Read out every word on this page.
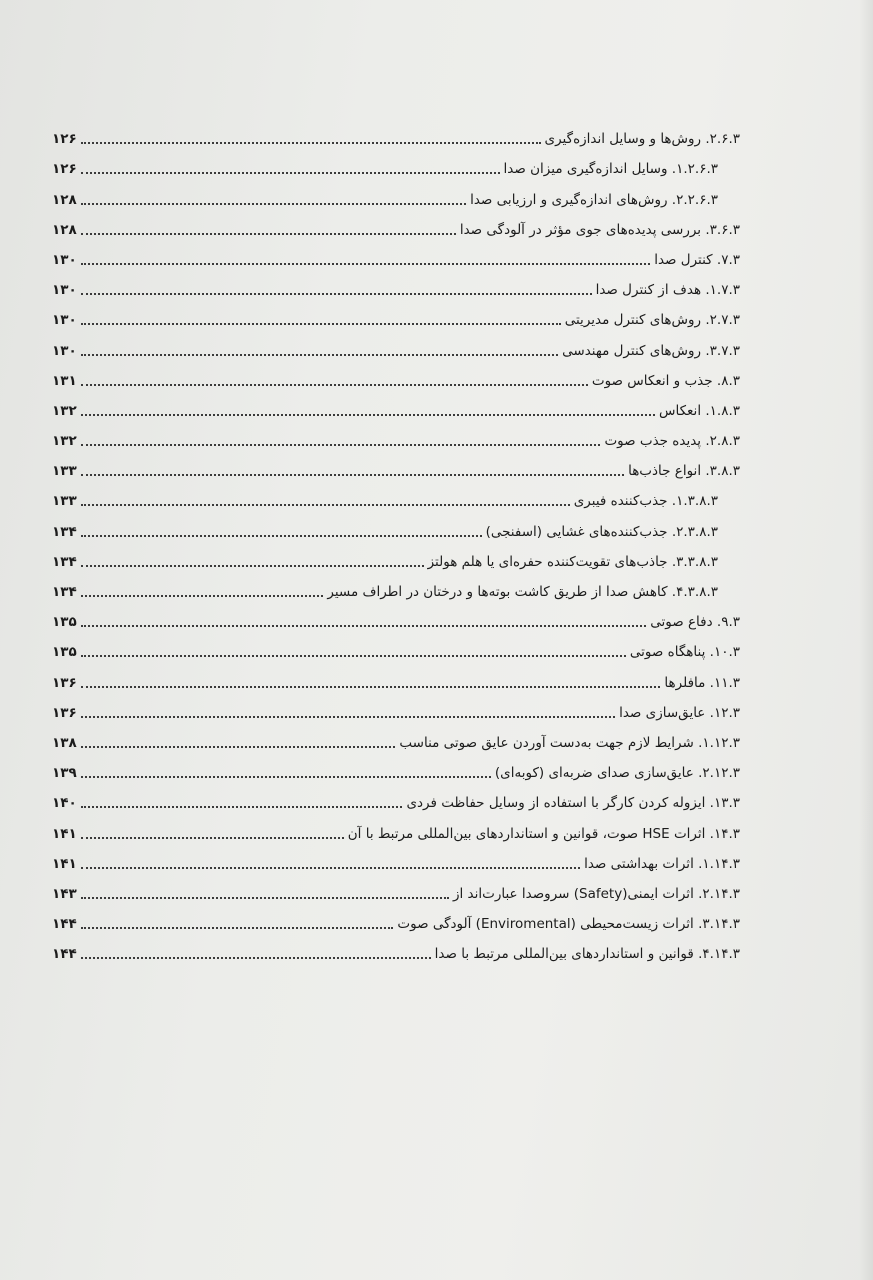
۲.۶.۳. روش‌ها و وسایل اندازه‌گیری
۱۲۶
۱.۲.۶.۳. وسایل اندازه‌گیری میزان صدا
۱۲۶
۲.۲.۶.۳. روش‌های اندازه‌گیری و ارزیابی صدا
۱۲۸
۳.۶.۳. بررسی پدیده‌های جوی مؤثر در آلودگی صدا
۱۲۸
۷.۳. کنترل صدا
۱۳۰
۱.۷.۳. هدف از کنترل صدا
۱۳۰
۲.۷.۳. روش‌های کنترل مدیریتی
۱۳۰
۳.۷.۳. روش‌های کنترل مهندسی
۱۳۰
۸.۳. جذب و انعکاس صوت
۱۳۱
۱.۸.۳. انعکاس
۱۳۲
۲.۸.۳. پدیده جذب صوت
۱۳۲
۳.۸.۳. انواع جاذب‌ها
۱۳۳
۱.۳.۸.۳. جذب‌کننده فیبری
۱۳۳
۲.۳.۸.۳. جذب‌کننده‌های غشایی (اسفنجی)
۱۳۴
۳.۳.۸.۳. جاذب‌های تقویت‌کننده حفره‌ای یا هلم هولتز
۱۳۴
۴.۳.۸.۳. کاهش صدا از طریق کاشت بوته‌ها و درختان در اطراف مسیر
۱۳۴
۹.۳. دفاع صوتی
۱۳۵
۱۰.۳. پناهگاه صوتی
۱۳۵
۱۱.۳. مافلرها
۱۳۶
۱۲.۳. عایق‌سازی صدا
۱۳۶
۱.۱۲.۳. شرایط لازم جهت به‌دست آوردن عایق صوتی مناسب
۱۳۸
۲.۱۲.۳. عایق‌سازی صدای ضربه‌ای (کوبه‌ای)
۱۳۹
۱۳.۳. ایزوله کردن کارگر با استفاده از وسایل حفاظت فردی
۱۴۰
۱۴.۳. اثرات HSE صوت، قوانین و استانداردهای بین‌المللی مرتبط با آن
۱۴۱
۱.۱۴.۳. اثرات بهداشتی صدا
۱۴۱
۲.۱۴.۳. اثرات ایمنی(Safety) سروصدا عبارت‌اند از
۱۴۳
۳.۱۴.۳. اثرات زیست‌محیطی (Enviromental) آلودگی صوت
۱۴۴
۴.۱۴.۳. قوانین و استانداردهای بین‌المللی مرتبط با صدا
۱۴۴
